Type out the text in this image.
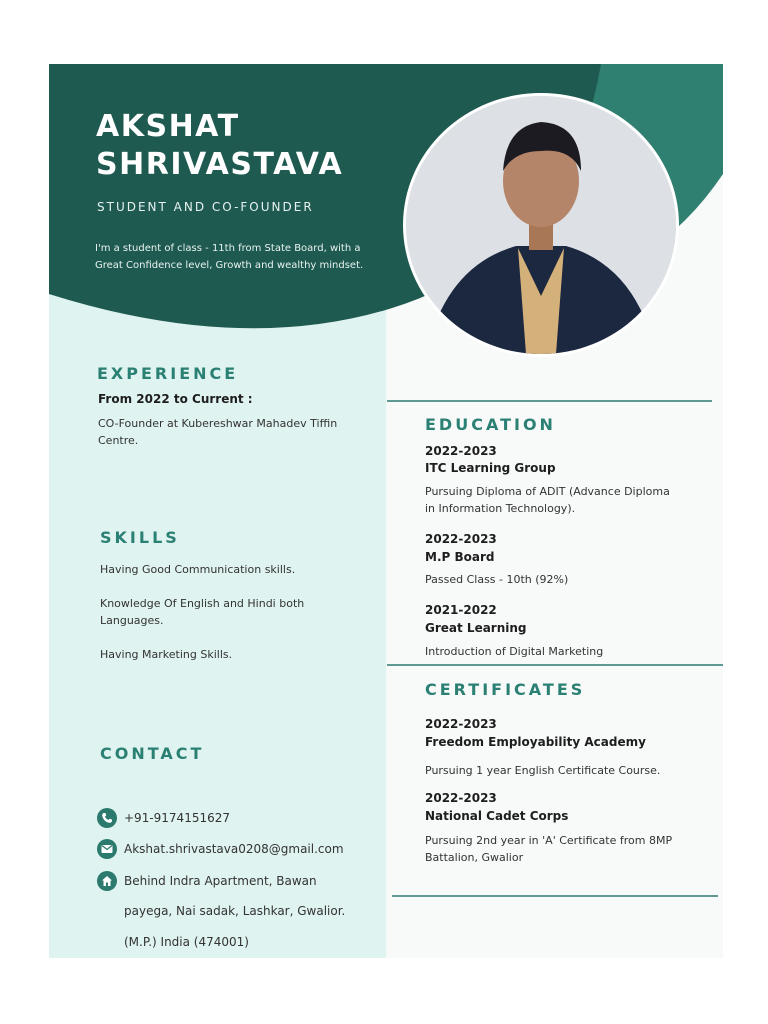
AKSHAT
SHRIVASTAVA

STUDENT AND CO-FOUNDER

I'm a student of class - 11th from State Board, with a
Great Confidence level, Growth and wealthy mindset.

EXPERIENCE

From 2022 to Current :

CO-Founder at Kubereshwar Mahadev Tiffin
Centre.

SKILLS

Having Good Communication skills.

Knowledge Of English and Hindi both
Languages.

Having Marketing Skills.

CONTACT
+91-9174151627
Akshat.shrivastava0208@gmail.com
Behind Indra Apartment, Bawan

payega, Nai sadak, Lashkar, Gwalior.

(M.P.) India (474001)

EDUCATION

2022-2023

ITC Learning Group

Pursuing Diploma of ADIT (Advance Diploma
in Information Technology).

2022-2023

M.P Board

Passed Class - 10th (92%)

2021-2022

Great Learning

Introduction of Digital Marketing

CERTIFICATES

2022-2023

Freedom Employability Academy

Pursuing 1 year English Certificate Course.

2022-2023

National Cadet Corps

Pursuing 2nd year in 'A' Certificate from 8MP
Battalion, Gwalior
